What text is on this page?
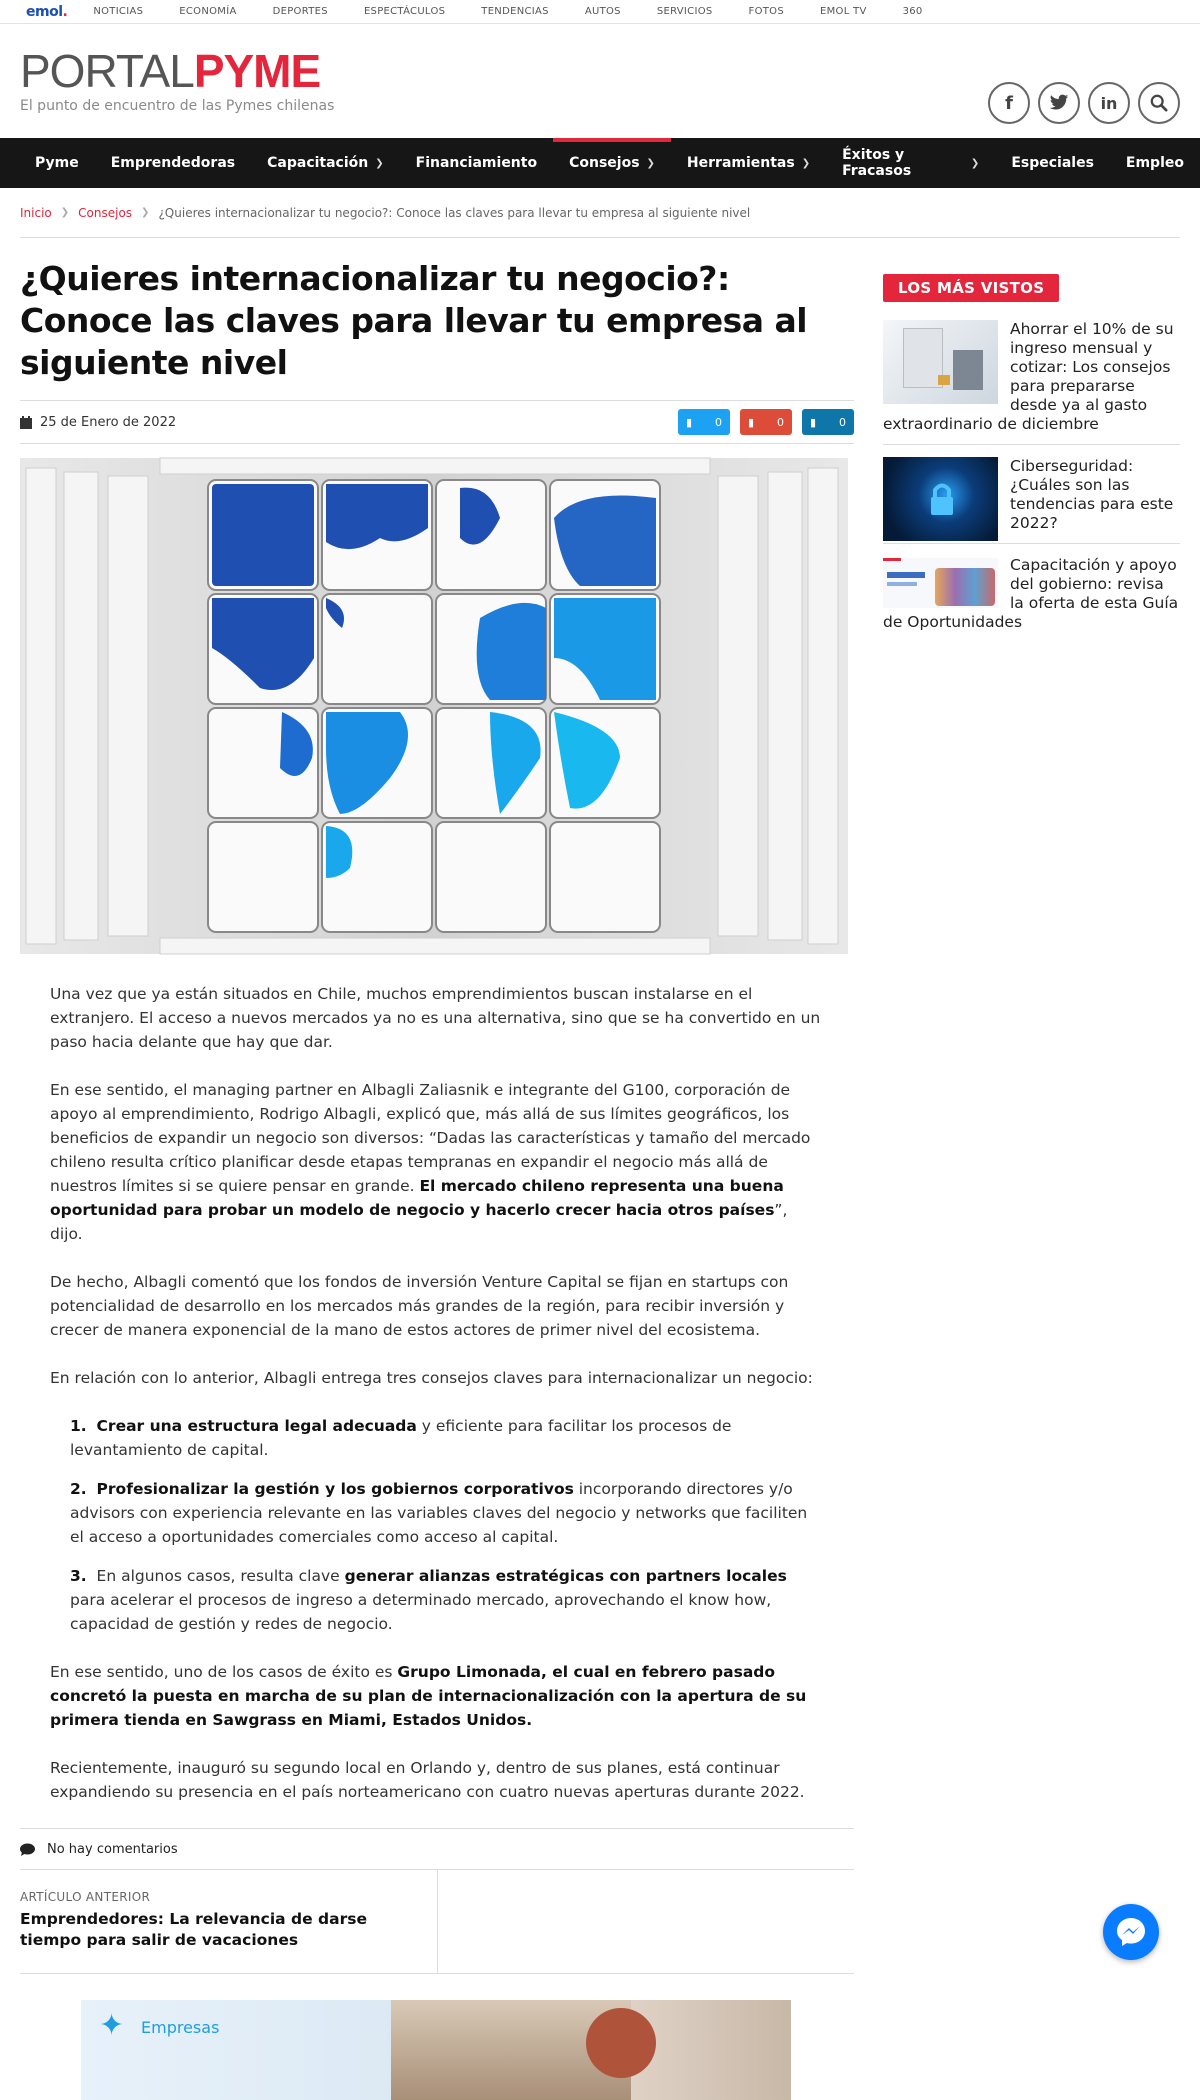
emol.	NOTICIAS	ECONOMÍA	DEPORTES	ESPECTÁCULOS	TENDENCIAS	AUTOS	SERVICIOS	FOTOS	EMOL TV	360
PORTALPYME
El punto de encuentro de las Pymes chilenas	f	in
Pyme Emprendedoras Capacitación ❯ Financiamiento Consejos ❯ Herramientas ❯ Éxitos y Fracasos	❯ Especiales Empleo
Inicio ❯ Consejos ❯ ¿Quieres internacionalizar tu negocio?: Conoce las claves para llevar tu empresa al siguiente nivel
¿Quieres internacionalizar tu negocio?: Conoce las claves para llevar tu empresa al siguiente nivel
25 de Enero de 2022	▮ 0 ▮ 0 ▮ 0

Una vez que ya están situados en Chile, muchos emprendimientos buscan instalarse en el extranjero. El acceso a nuevos mercados ya no es una alternativa, sino que se ha convertido en un paso hacia delante que hay que dar.

En ese sentido, el managing partner en Albagli Zaliasnik e integrante del G100, corporación de apoyo al emprendimiento, Rodrigo Albagli, explicó que, más allá de sus límites geográficos, los beneficios de expandir un negocio son diversos: “Dadas las características y tamaño del mercado chileno resulta crítico planificar desde etapas tempranas en expandir el negocio más allá de nuestros límites si se quiere pensar en grande. El mercado chileno representa una buena oportunidad para probar un modelo de negocio y hacerlo crecer hacia otros países”, dijo.

De hecho, Albagli comentó que los fondos de inversión Venture Capital se fijan en startups con potencialidad de desarrollo en los mercados más grandes de la región, para recibir inversión y crecer de manera exponencial de la mano de estos actores de primer nivel del ecosistema.

En relación con lo anterior, Albagli entrega tres consejos claves para internacionalizar un negocio:

1. Crear una estructura legal adecuada y eficiente para facilitar los procesos de levantamiento de capital.
2. Profesionalizar la gestión y los gobiernos corporativos incorporando directores y/o advisors con experiencia relevante en las variables claves del negocio y networks que faciliten el acceso a oportunidades comerciales como acceso al capital.
3. En algunos casos, resulta clave generar alianzas estratégicas con partners locales para acelerar el procesos de ingreso a determinado mercado, aprovechando el know how, capacidad de gestión y redes de negocio.

En ese sentido, uno de los casos de éxito es Grupo Limonada, el cual en febrero pasado concretó la puesta en marcha de su plan de internacionalización con la apertura de su primera tienda en Sawgrass en Miami, Estados Unidos.

Recientemente, inauguró su segundo local en Orlando y, dentro de sus planes, está continuar expandiendo su presencia en el país norteamericano con cuatro nuevas aperturas durante 2022.

No hay comentarios
ARTÍCULO ANTERIOR
Emprendedores: La relevancia de darse tiempo para salir de vacaciones
✦ Empresas
LOS MÁS VISTOS
Ahorrar el 10% de su ingreso mensual y cotizar: Los consejos para prepararse desde ya al gasto extraordinario de diciembre
Ciberseguridad: ¿Cuáles son las tendencias para este 2022?
Capacitación y apoyo del gobierno: revisa la oferta de esta Guía de Oportunidades
